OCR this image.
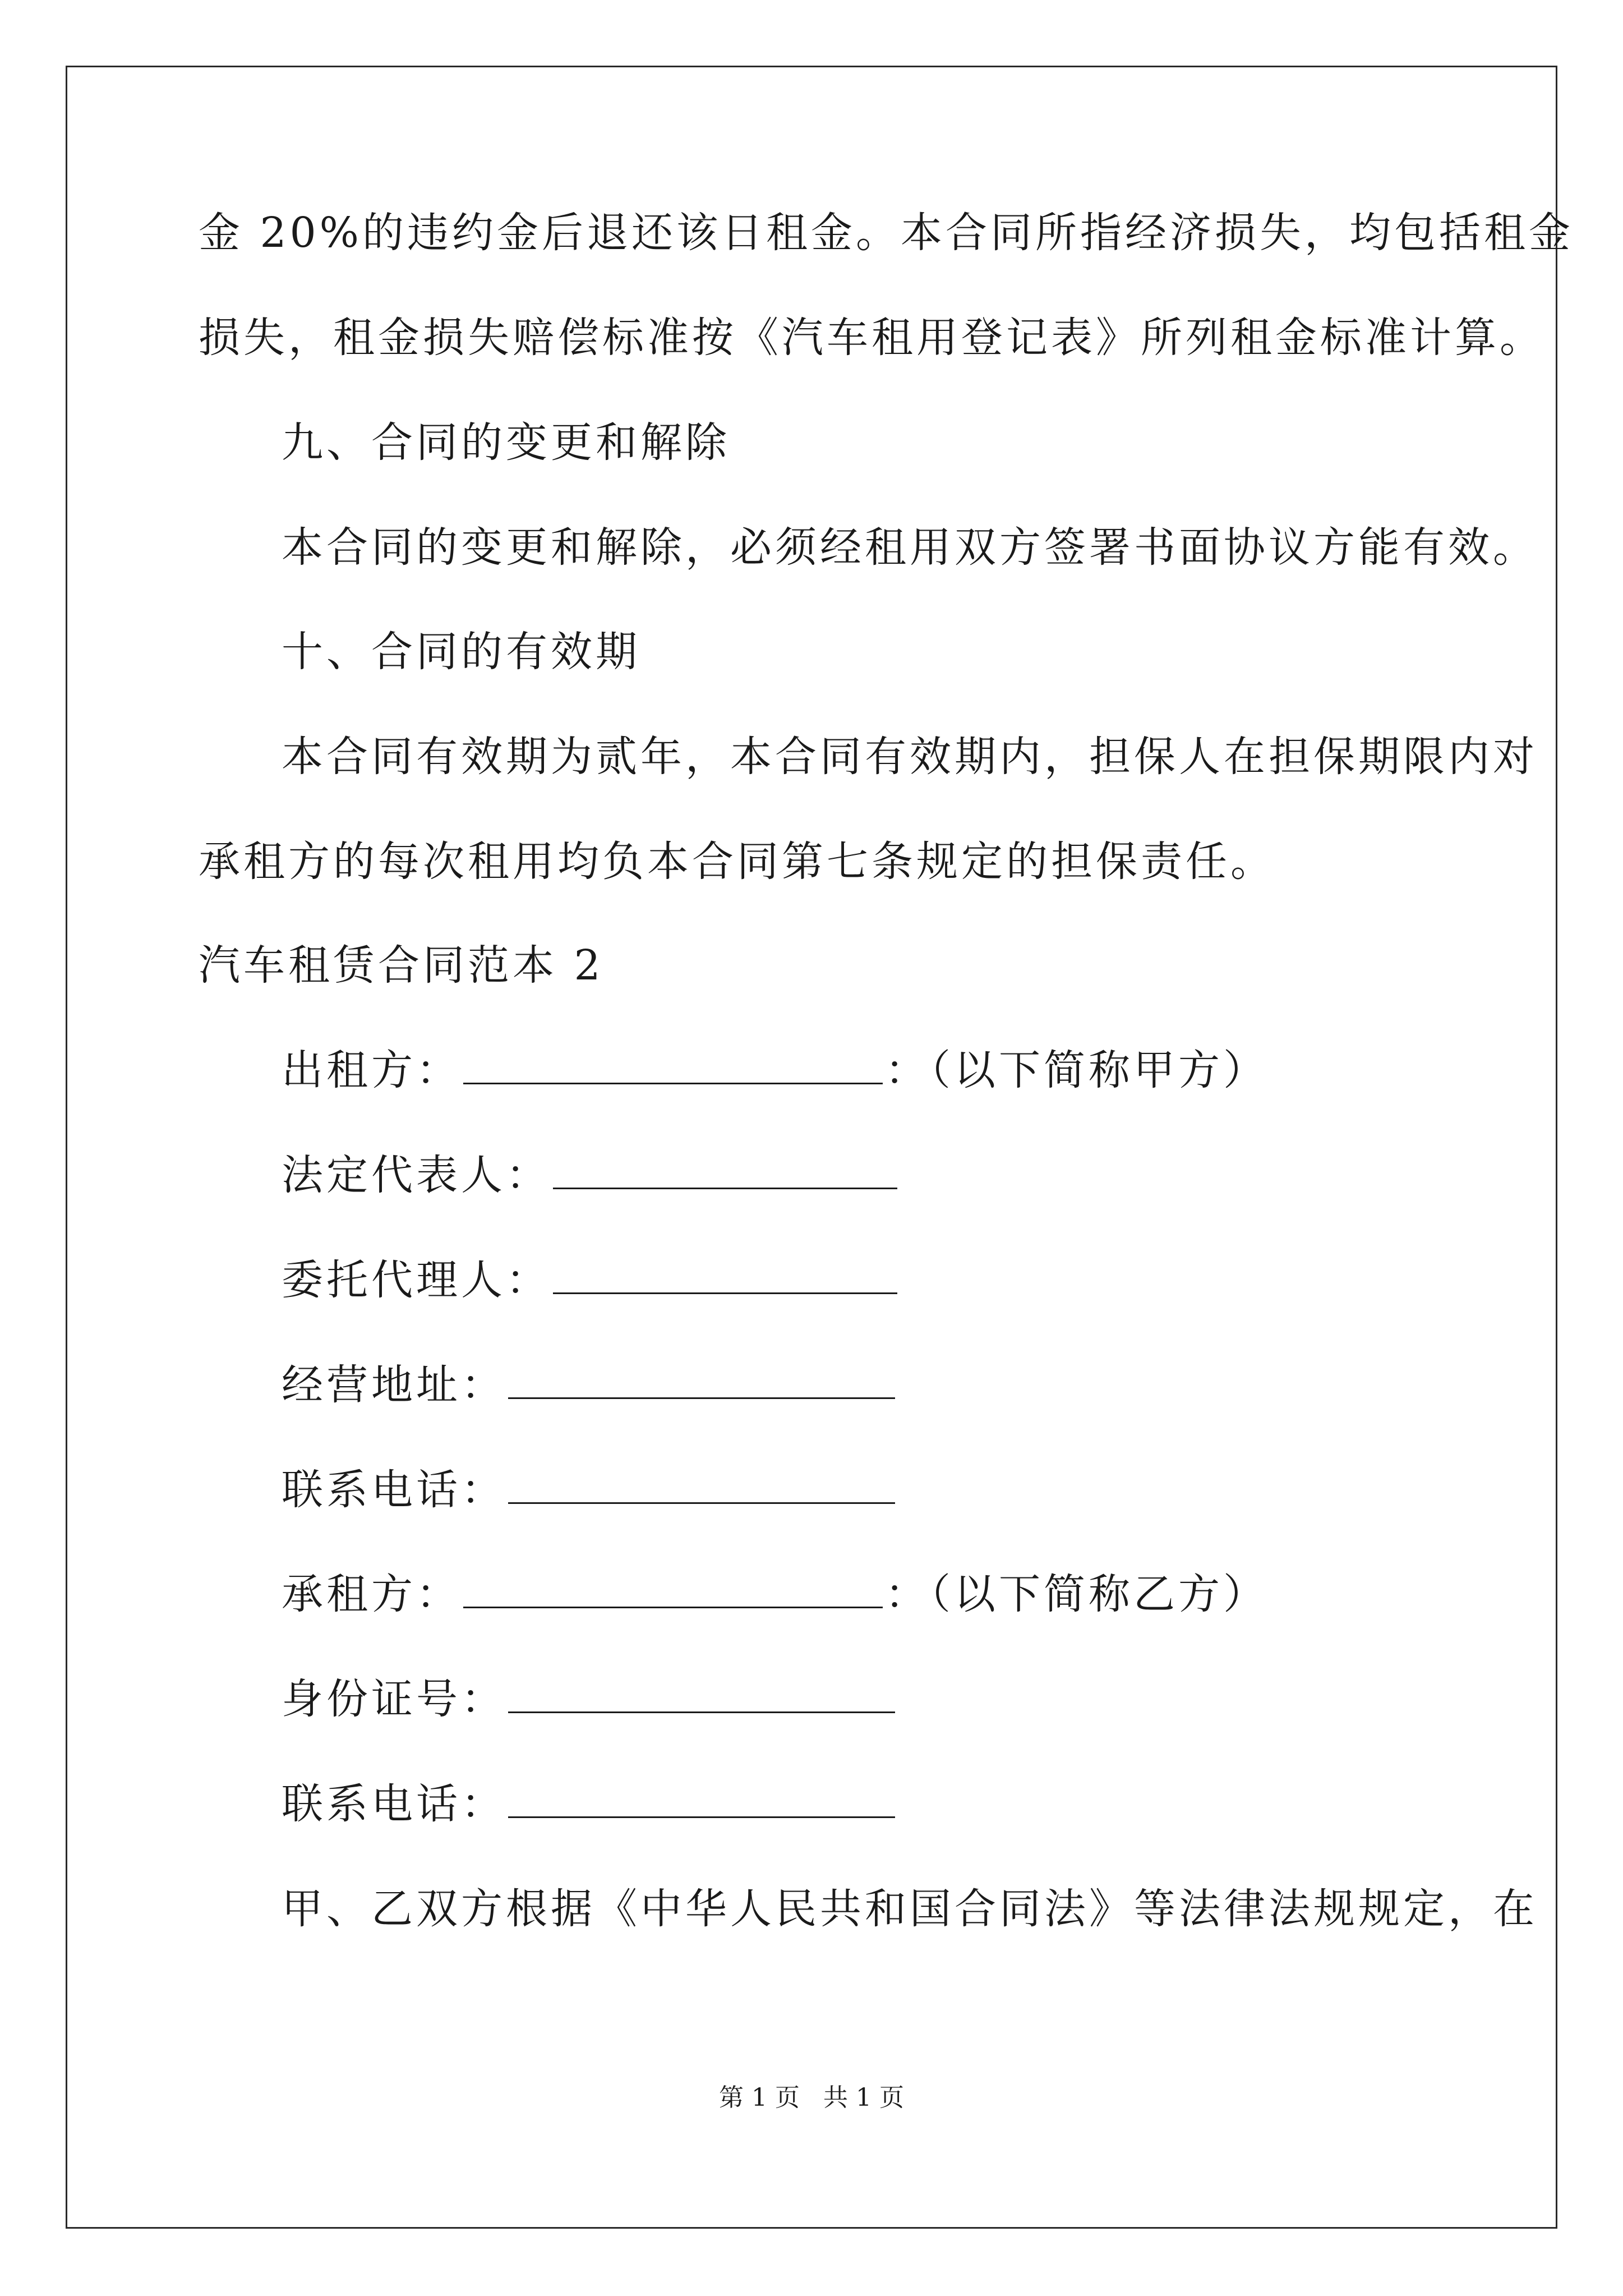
金 20%的违约金后退还该日租金。本合同所指经济损失，均包括租金
损失，租金损失赔偿标准按《汽车租用登记表》所列租金标准计算。
九、合同的变更和解除
本合同的变更和解除，必须经租用双方签署书面协议方能有效。
十、合同的有效期
本合同有效期为贰年，本合同有效期内，担保人在担保期限内对
承租方的每次租用均负本合同第七条规定的担保责任。
汽车租赁合同范本 2
出租方：	：（以下简称甲方）
法定代表人：
委托代理人：
经营地址：
联系电话：
承租方：	：（以下简称乙方）
身份证号：
联系电话：
甲、乙双方根据《中华人民共和国合同法》等法律法规规定，在
第 1 页   共 1 页
